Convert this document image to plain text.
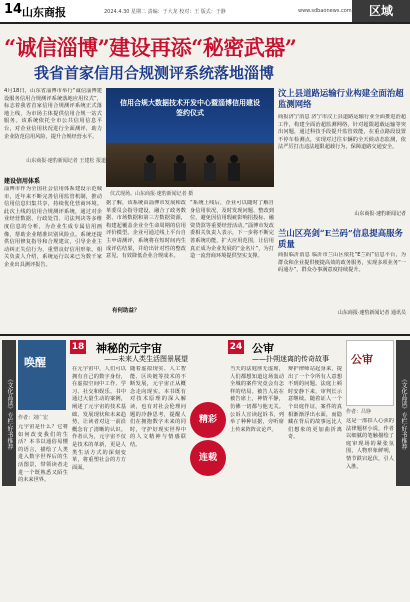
14 山东商报	2024.4.30 星期二 责编：于大龙 校对：王 版式：于静	www.sdbaonews.com	区域
“诚信淄博”建设再添“秘密武器”
我省首家信用合规测评系统落地淄博
4月18日，山东省淄博市举行“诚信淄博建设服务信用合规测评系统落地应用仪式”，标志着我省首家信用合规测评系统正式落地上线，为市场主体提供信用合规一站式服务。该系统依托全市公共信用信息平台，对企业信用状况进行全面测评，助力企业防范信用风险，提升合规经营水平。
山东商报·速豹新闻记者 王建松 报道
建设信用体系
淄博市作为全国社会信用体系建设示范城市，近年来不断完善信用监管机制，推动信用信息归集共享，持续优化营商环境。此次上线的信用合规测评系统，通过对企业经营数据、行政处罚、司法判决等多维度信息的分析，为企业生成专属信用画像，帮助企业精准识别风险点。系统还提供信用修复指导和合规建议，引导企业主动纠正失信行为，重塑良好信用形象。相关负责人介绍，系统运行以来已为数千家企业出具测评报告。
信用合规大数据技术开发中心暨淄博信用建设签约仪式
仪式现场。山东商报·速豹新闻记者 摄
据了解，该系统由淄博市发展和改革委员会指导建设，融合了政务数据、市场数据和第三方数据资源，构建起覆盖企业全生命周期的信用评价模型。企业可通过线上平台自主申请测评，系统将在短时间内生成评估结果，并给出针对性的整改意见，有效降低企业合规成本。
“系统上线后，企业可以随时了解自身信用状况，及时发现问题、整改到位，避免因信用瑕疵影响招投标、融资贷款等重要经营活动。”淄博市发改委相关负责人表示，下一步将不断完善系统功能，扩大应用范围，让信用真正成为企业发展的“金名片”，为打造一流营商环境提供坚实支撑。
有何助益？
汶上县道路运输行业构建全面治超监测网络
商报济宁消息 济宁市汶上县道路运输行业全面推进治超工作，构建全面治超监测网络，针对超限超载运输等突出问题，通过科技手段提升监管效能，在重点路段设置不停车检测点，实现对过往车辆的全天候动态监测，依法严厉打击违法超限超载行为，保障道路交通安全。
山东商报·速豹新闻记者
兰山区亮剑“E兰码”信息提高服务质量
商报临沂消息 临沂市兰山区依托“E兰码”信息平台，为群众和企业提供便捷高效的政务服务，实现多项业务“一码通办”，群众办事满意度持续提升。
山东商报·速豹新闻记者 通讯员
《文化品读》专栏·好书推荐
唤醒
作者：刘广宏
18 神秘的元宇宙
——未来人类生活图景展望
元宇宙是什么？它将如何改变我们的生活？本书以通俗易懂的语言，描绘了人类进入数字世界后的生活图景，带领读者走进一个既熟悉又陌生的未来世界。
在元宇宙中，人们可以拥有自己的数字身份，在虚拟空间中工作、学习、社交和娱乐。书中通过大量生动的案例，阐述了元宇宙的技术基础、发展现状和未来趋势，让读者对这一前沿概念有了清晰的认识。作者认为，元宇宙不仅是技术的革新，更是人类生活方式的深刻变革，将重塑社会的方方面面。
随着虚拟现实、人工智能、区块链等技术的不断发展，元宇宙正从概念走向现实。本书既有对技术原理的深入解读，也有对社会伦理问题的冷静思考，提醒人们在拥抱数字未来的同时，守护好现实世界中的人文精神与情感联结。
精彩
连载
24 公审
——扑朔迷离的传奇故事
当天的法庭座无虚席，人们都想知道这场轰动全城的案件究竟会有怎样的结局。被告人站在被告席上，神情平静，仿佛一切都与他无关。公诉人宣读起诉书，列举了种种证据，旁听席上传来阵阵议论声。
辩护律师站起身来，提出了一个令所有人意想不到的问题。法庭上顿时安静下来，审判长示意继续。随着证人一个个出庭作证，案件的真相渐渐浮出水面，而隐藏在背后的故事远比人们想象的更加曲折离奇。
公审
作者：吕铮
这是一部扣人心弦的法律题材小说，作者以细腻的笔触描绘了庭审现场的紧张氛围，人物形象鲜明，情节跌宕起伏，引人入胜。
《文化品读》专栏·好书推荐
